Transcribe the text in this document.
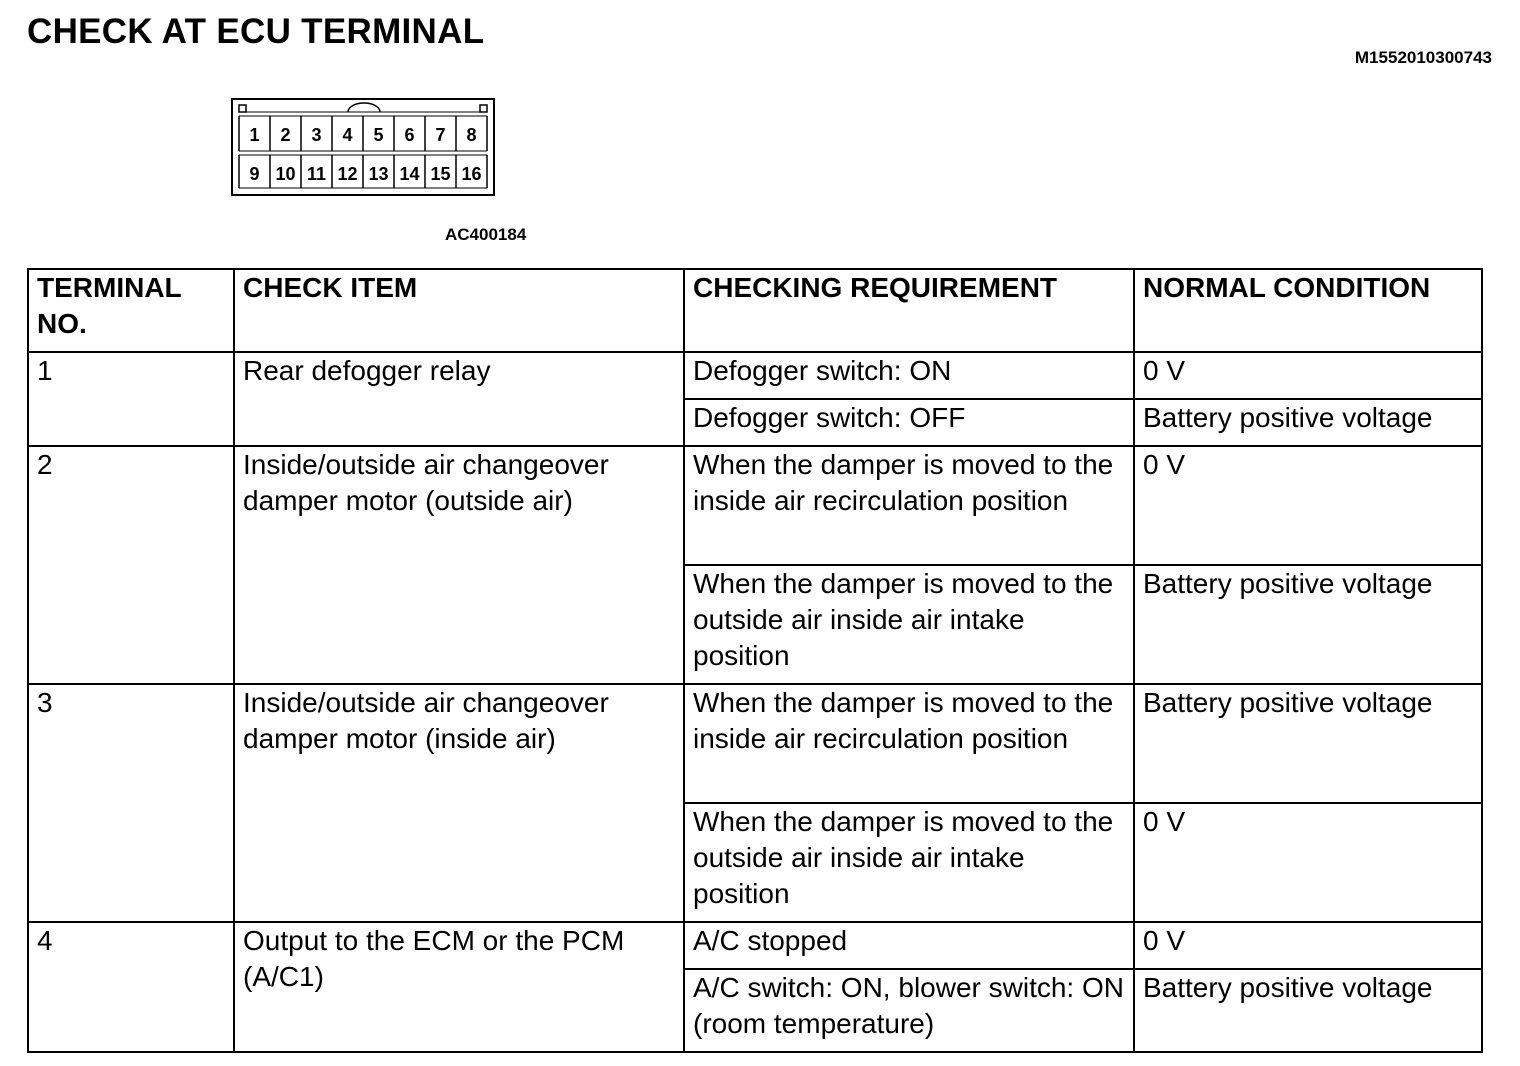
CHECK AT ECU TERMINAL
M1552010300743
1 2 3 4 5 6 7 8
9 10 11 12 13 14 15 16
AC400184
TERMINAL NO.	CHECK ITEM	CHECKING REQUIREMENT	NORMAL CONDITION
1	Rear defogger relay	Defogger switch: ON	0 V
		Defogger switch: OFF	Battery positive voltage
2	Inside/outside air changeover damper motor (outside air)	When the damper is moved to the inside air recirculation position	0 V
		When the damper is moved to the outside air inside air intake position	Battery positive voltage
3	Inside/outside air changeover damper motor (inside air)	When the damper is moved to the inside air recirculation position	Battery positive voltage
		When the damper is moved to the outside air inside air intake position	0 V
4	Output to the ECM or the PCM (A/C1)	A/C stopped	0 V
		A/C switch: ON, blower switch: ON (room temperature)	Battery positive voltage
